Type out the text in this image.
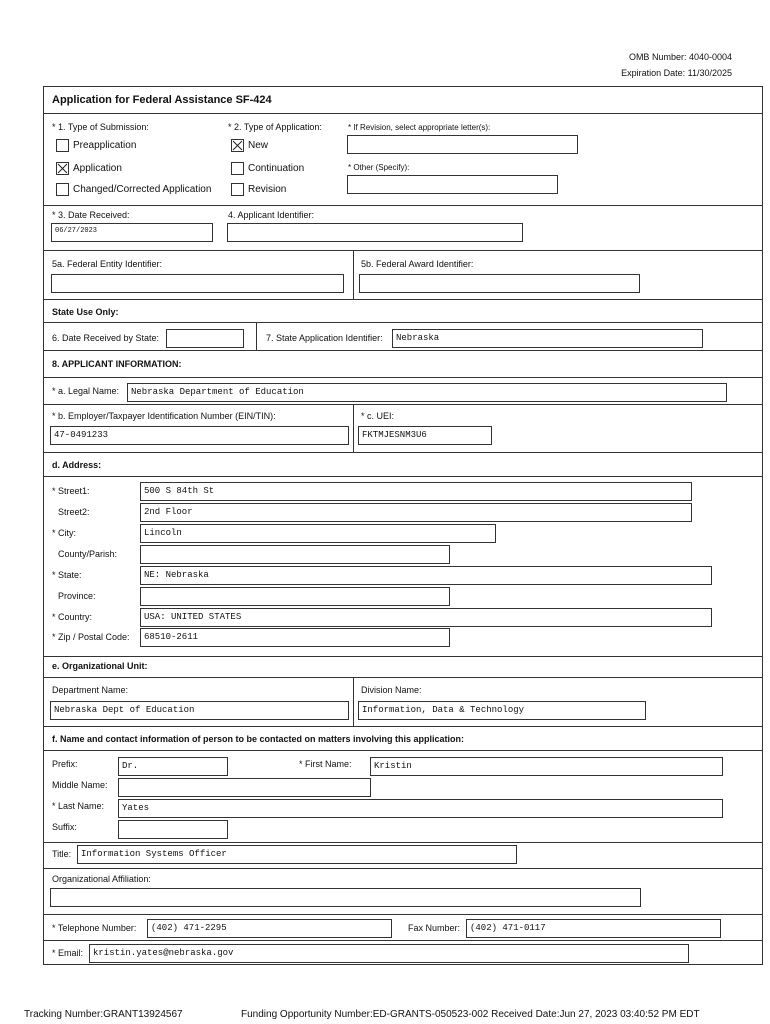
OMB Number: 4040-0004
Expiration Date: 11/30/2025
Application for Federal Assistance SF-424
* 1. Type of Submission:
Preapplication
Application
Changed/Corrected Application
* 2. Type of Application:
New
Continuation
Revision
* If Revision, select appropriate letter(s):
* Other (Specify):
* 3. Date Received:
06/27/2023
4. Applicant Identifier:
5a. Federal Entity Identifier:	5b. Federal Award Identifier:
State Use Only:
6. Date Received by State:	7. State Application Identifier:	Nebraska
8. APPLICANT INFORMATION:
* a. Legal Name:	Nebraska Department of Education
* b. Employer/Taxpayer Identification Number (EIN/TIN):
47-0491233
* c. UEI:
FKTMJESNM3U6
d. Address:
* Street1:	500 S 84th St
Street2:	2nd Floor
* City:	Lincoln
County/Parish:
* State:	NE: Nebraska
Province:
* Country:	USA: UNITED STATES
* Zip / Postal Code:	68510-2611
e. Organizational Unit:
Department Name:
Nebraska Dept of Education
Division Name:
Information, Data & Technology
f. Name and contact information of person to be contacted on matters involving this application:
Prefix:	Dr.	* First Name:	Kristin
Middle Name:
* Last Name:	Yates
Suffix:
Title:	Information Systems Officer
Organizational Affiliation:
* Telephone Number:	(402) 471-2295	Fax Number:	(402) 471-0117
* Email:	kristin.yates@nebraska.gov
Tracking Number:GRANT13924567	Funding Opportunity Number:ED-GRANTS-050523-002 Received Date:Jun 27, 2023 03:40:52 PM EDT
